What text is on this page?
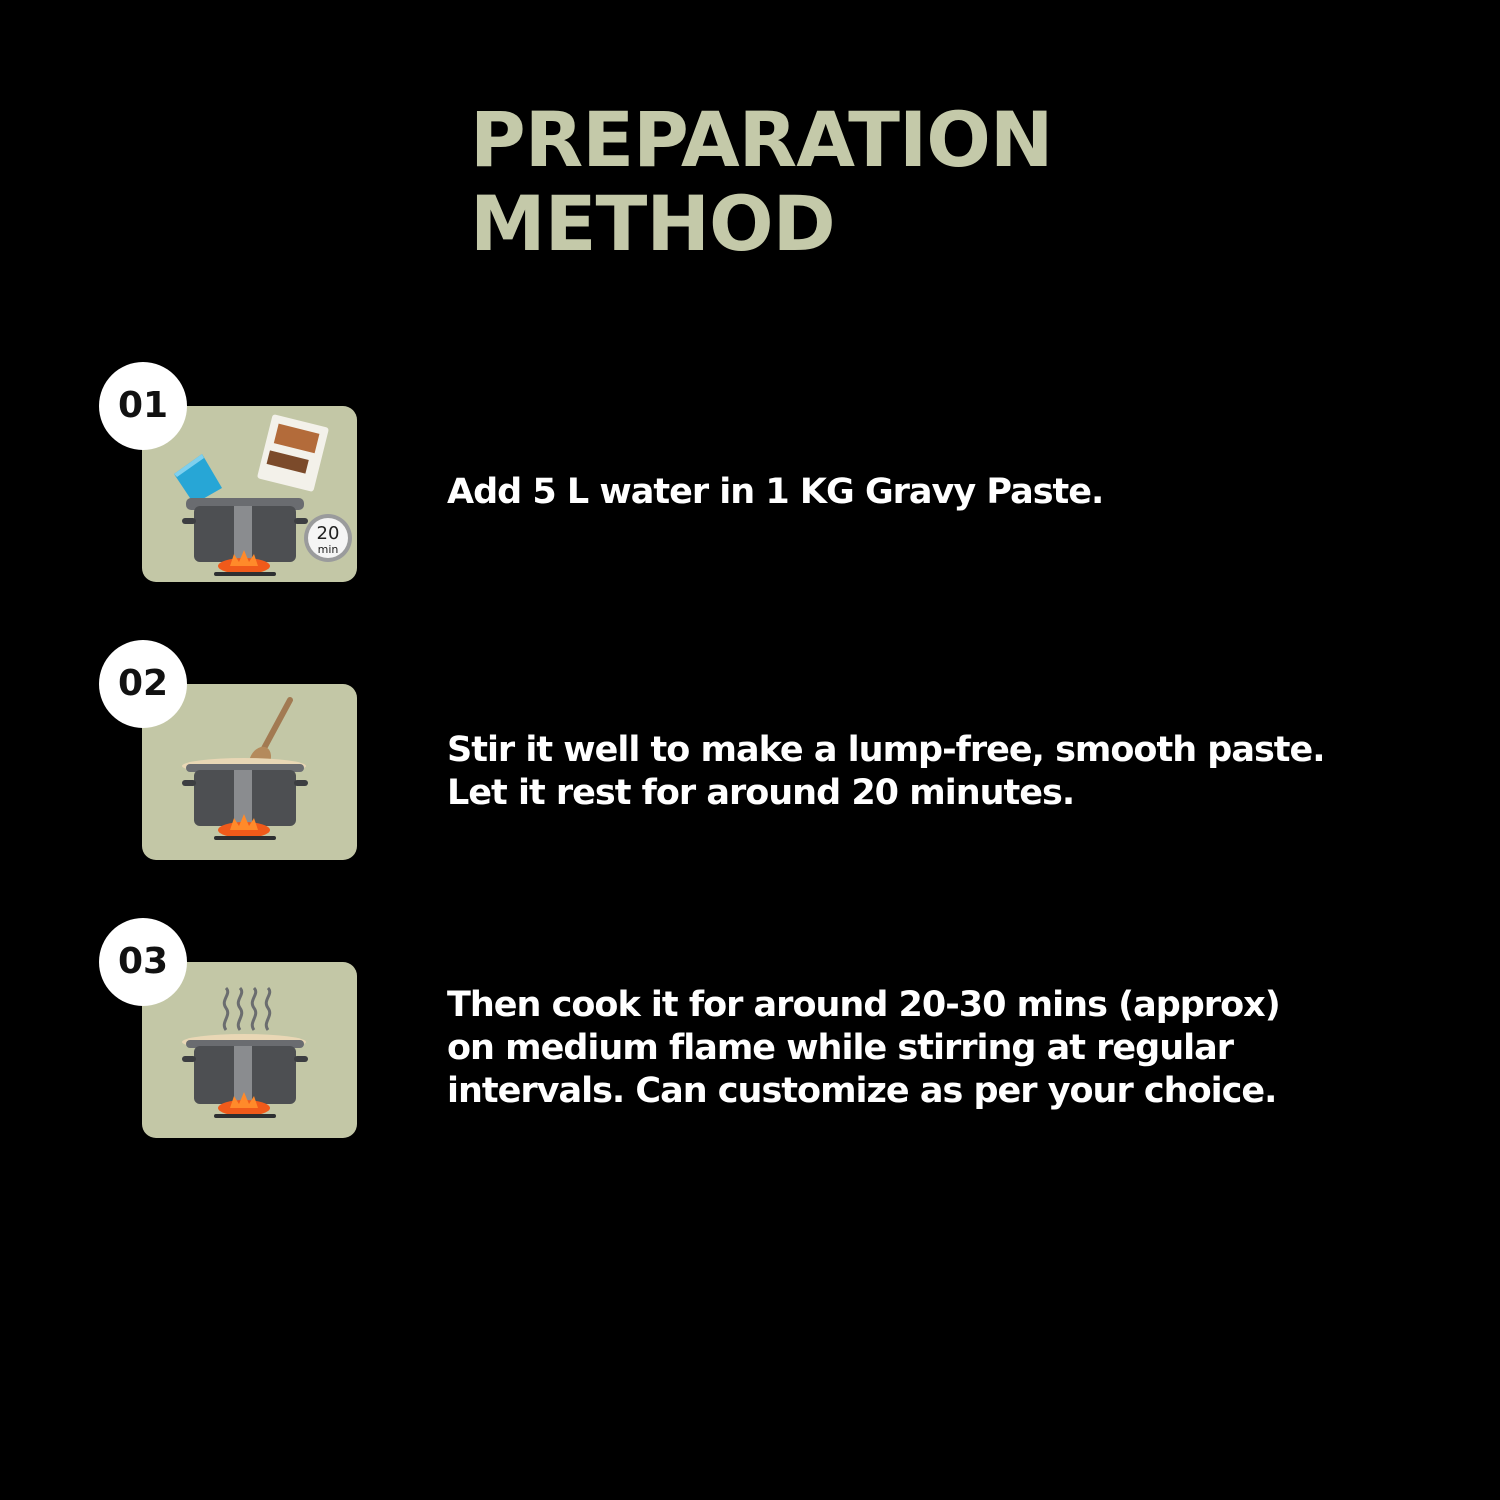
PREPARATION
METHOD
01
20
min

Add 5 L water in 1 KG Gravy Paste.

02

Stir it well to make a lump-free, smooth paste.
Let it rest for around 20 minutes.

03

Then cook it for around 20-30 mins (approx)
on medium flame while stirring at regular
intervals. Can customize as per your choice.
